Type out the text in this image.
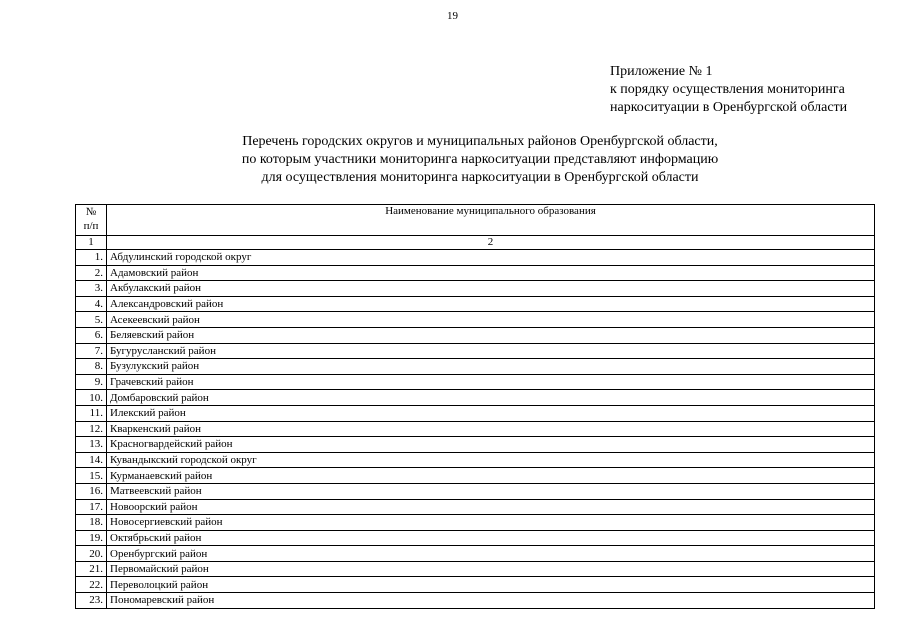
19
Приложение № 1
к порядку осуществления мониторинга
наркоситуации в Оренбургской области
Перечень городских округов и муниципальных районов Оренбургской области,
по которым участники мониторинга наркоситуации представляют информацию
для осуществления мониторинга наркоситуации в Оренбургской области
№
п/п	Наименование муниципального образования
1	2
1.	Абдулинский городской округ
2.	Адамовский район
3.	Акбулакский район
4.	Александровский район
5.	Асекеевский район
6.	Беляевский район
7.	Бугурусланский район
8.	Бузулукский район
9.	Грачевский район
10.	Домбаровский район
11.	Илекский район
12.	Кваркенский район
13.	Красногвардейский район
14.	Кувандыкский городской округ
15.	Курманаевский район
16.	Матвеевский район
17.	Новоорский район
18.	Новосергиевский район
19.	Октябрьский район
20.	Оренбургский район
21.	Первомайский район
22.	Переволоцкий район
23.	Пономаревский район
